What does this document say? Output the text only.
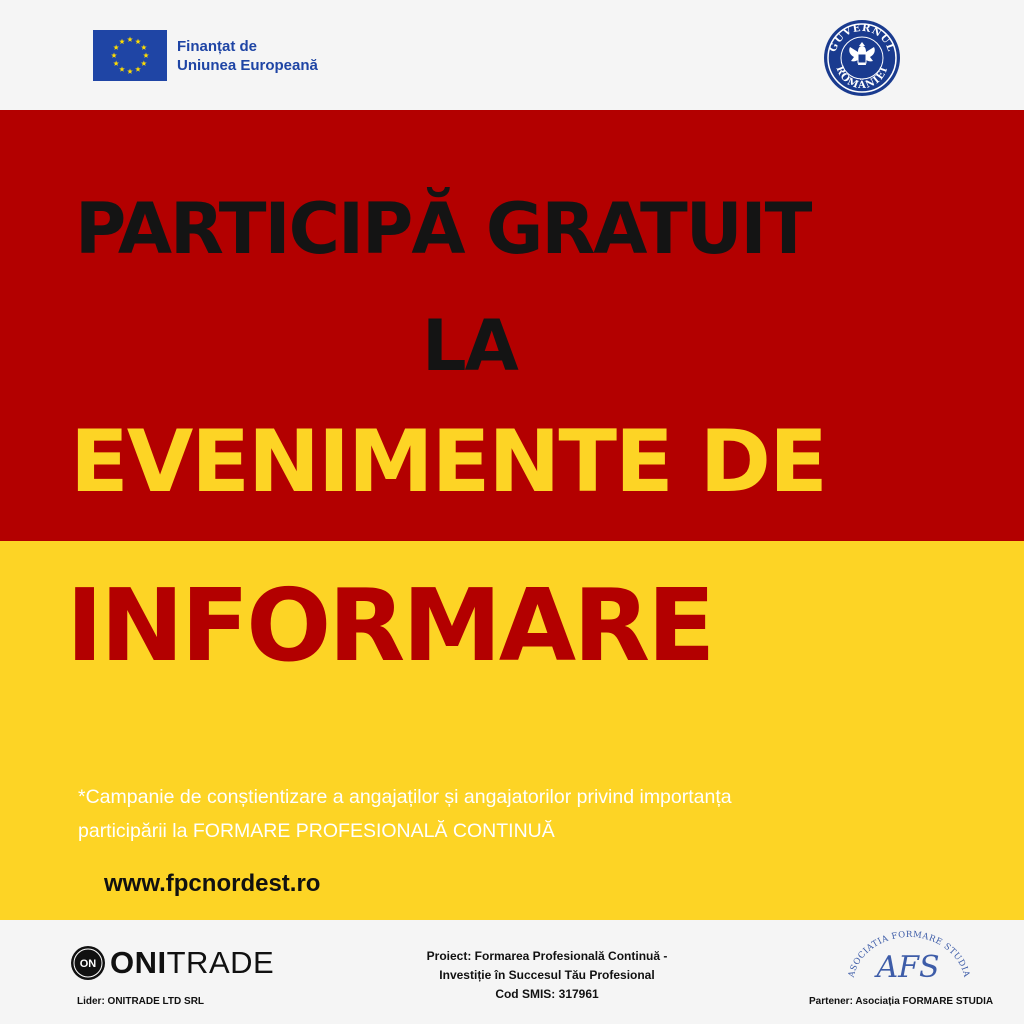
Finanțat de
Uniunea Europeană
GUVERNUL
ROMÂNIEI
PARTICIPĂ GRATUIT
LA
EVENIMENTE DE
INFORMARE
*Campanie de conștientizare a angajaților și angajatorilor privind importanța
participării la FORMARE PROFESIONALĂ CONTINUĂ
www.fpcnordest.ro
ON ONITRADE
Lider: ONITRADE LTD SRL
Proiect: Formarea Profesională Continuă -
Investiție în Succesul Tău Profesional
Cod SMIS: 317961
ASOCIATIA FORMARE STUDIA
AFS
Partener: Asociația FORMARE STUDIA
